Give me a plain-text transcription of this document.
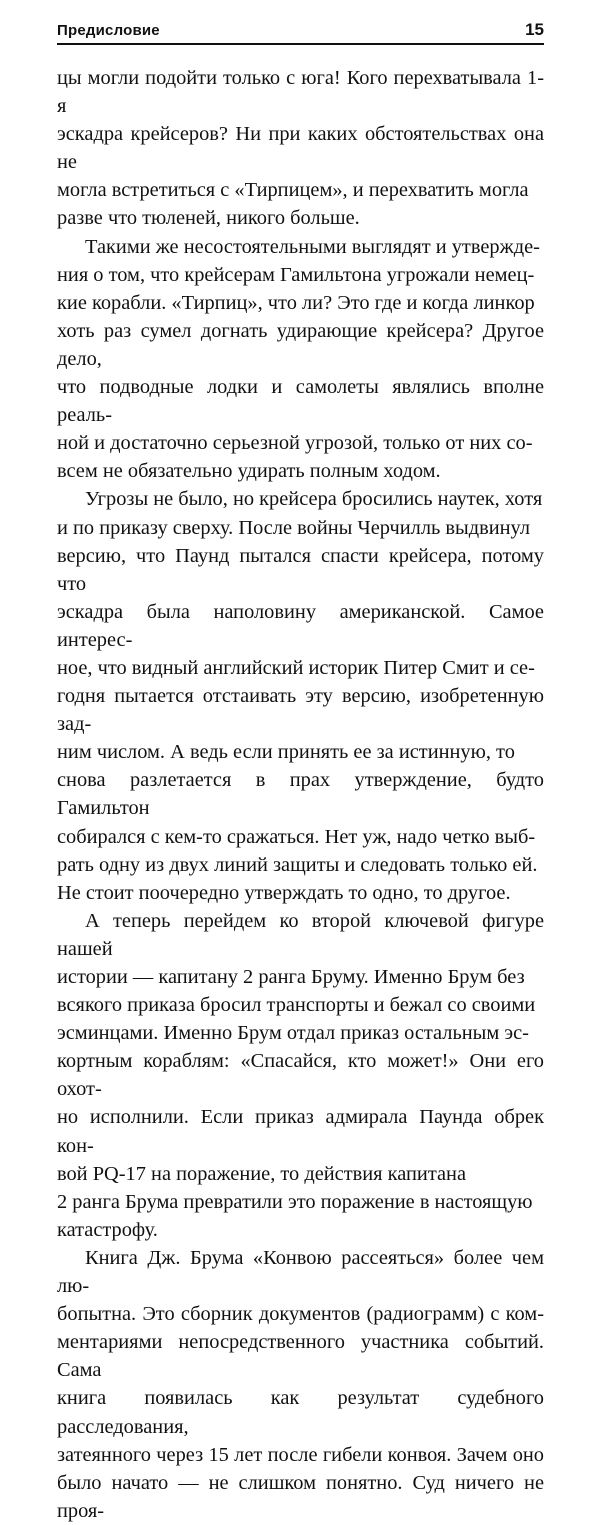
Предисловие	15

цы могли подойти только с юга! Кого перехватывала 1-я
эскадра крейсеров? Ни при каких обстоятельствах она не
могла встретиться с «Тирпицем», и перехватить могла
разве что тюленей, никого больше.

Такими же несостоятельными выглядят и утвержде-
ния о том, что крейсерам Гамильтона угрожали немец-
кие корабли. «Тирпиц», что ли? Это где и когда линкор
хоть раз сумел догнать удирающие крейсера? Другое дело,
что подводные лодки и самолеты являлись вполне реаль-
ной и достаточно серьезной угрозой, только от них со-
всем не обязательно удирать полным ходом.

Угрозы не было, но крейсера бросились наутек, хотя
и по приказу сверху. После войны Черчилль выдвинул
версию, что Паунд пытался спасти крейсера, потому что
эскадра была наполовину американской. Самое интерес-
ное, что видный английский историк Питер Смит и се-
годня пытается отстаивать эту версию, изобретенную зад-
ним числом. А ведь если принять ее за истинную, то
снова разлетается в прах утверждение, будто Гамильтон
собирался с кем-то сражаться. Нет уж, надо четко выб-
рать одну из двух линий защиты и следовать только ей.
Не стоит поочередно утверждать то одно, то другое.

А теперь перейдем ко второй ключевой фигуре нашей
истории — капитану 2 ранга Бруму. Именно Брум без
всякого приказа бросил транспорты и бежал со своими
эсминцами. Именно Брум отдал приказ остальным эс-
кортным кораблям: «Спасайся, кто может!» Они его охот-
но исполнили. Если приказ адмирала Паунда обрек кон-
вой PQ-17 на поражение, то действия капитана
2 ранга Брума превратили это поражение в настоящую
катастрофу.

Книга Дж. Брума «Конвою рассеяться» более чем лю-
бопытна. Это сборник документов (радиограмм) с ком-
ментариями непосредственного участника событий. Сама
книга появилась как результат судебного расследования,
затеянного через 15 лет после гибели конвоя. Зачем оно
было начато — не слишком понятно. Суд ничего не проя-
